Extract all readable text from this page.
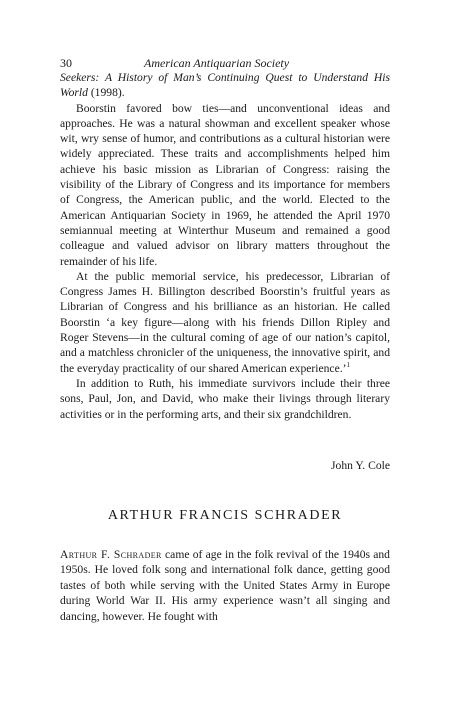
30	American Antiquarian Society

Seekers: A History of Man’s Continuing Quest to Understand His World (1998).

Boorstin favored bow ties—and unconventional ideas and approaches. He was a natural showman and excellent speaker whose wit, wry sense of humor, and contributions as a cultural historian were widely appreciated. These traits and accomplishments helped him achieve his basic mission as Librarian of Congress: raising the visibility of the Library of Congress and its importance for members of Congress, the American public, and the world. Elected to the American Antiquarian Society in 1969, he attended the April 1970 semiannual meeting at Winterthur Museum and remained a good colleague and valued advisor on library matters throughout the remainder of his life.

At the public memorial service, his predecessor, Librarian of Congress James H. Billington described Boorstin’s fruitful years as Librarian of Congress and his brilliance as an historian. He called Boorstin ‘a key figure—along with his friends Dillon Ripley and Roger Stevens—in the cultural coming of age of our nation’s capitol, and a matchless chronicler of the uniqueness, the innovative spirit, and the everyday practicality of our shared American experience.’$^1$

In addition to Ruth, his immediate survivors include their three sons, Paul, Jon, and David, who make their livings through literary activities or in the performing arts, and their six grandchildren.

John Y. Cole
ARTHUR FRANCIS SCHRADER

Arthur F. Schrader came of age in the folk revival of the 1940s and 1950s. He loved folk song and international folk dance, getting good tastes of both while serving with the United States Army in Europe during World War II. His army experience wasn’t all singing and dancing, however. He fought with
